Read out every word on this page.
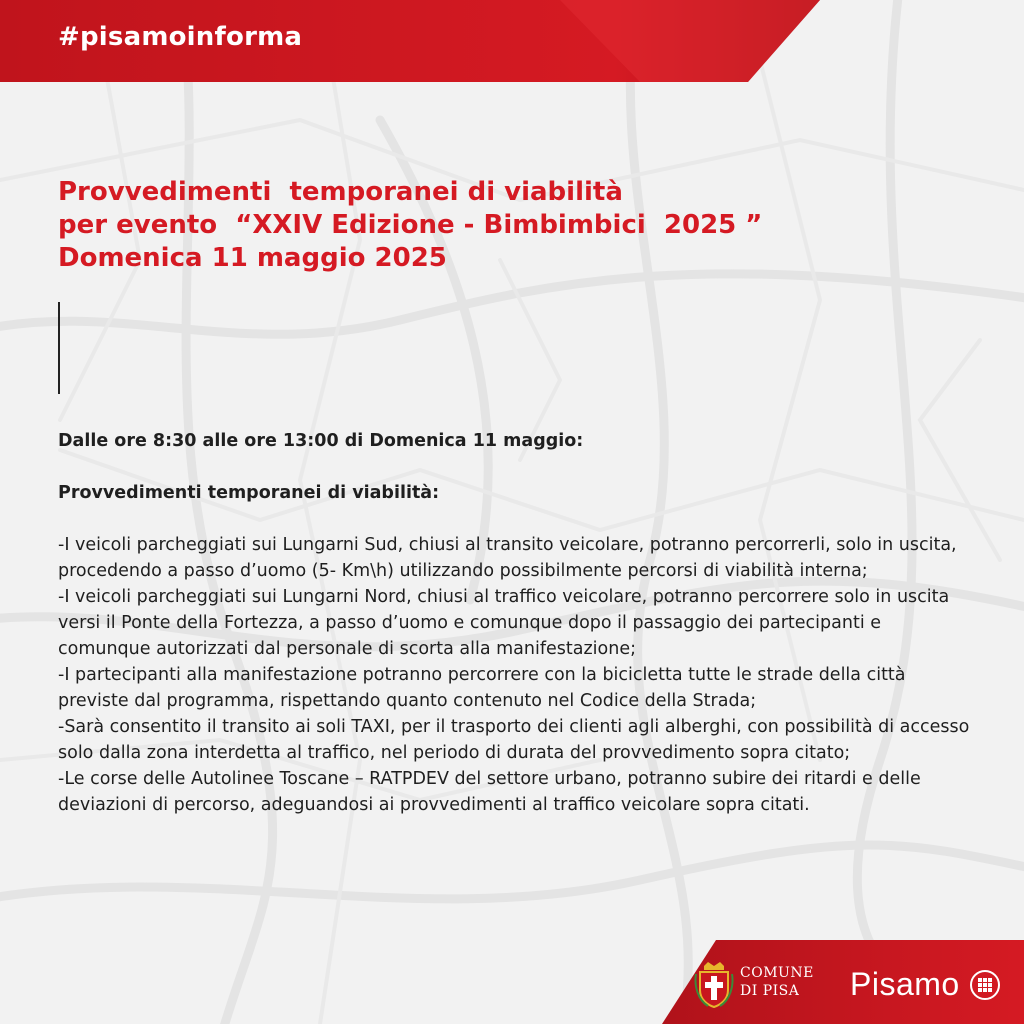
#pisamoinforma
Provvedimenti  temporanei di viabilità
per evento  “XXIV Edizione - Bimbimbici  2025 ”
Domenica 11 maggio 2025
Dalle ore 8:30 alle ore 13:00 di Domenica 11 maggio:
Provvedimenti temporanei di viabilità:
-I veicoli parcheggiati sui Lungarni Sud, chiusi al transito veicolare, potranno percorrerli, solo in uscita, procedendo a passo d’uomo (5- Km\h) utilizzando possibilmente percorsi di viabilità interna;
-I veicoli parcheggiati sui Lungarni Nord, chiusi al traffico veicolare, potranno percorrere solo in uscita versi il Ponte della Fortezza, a passo d’uomo e comunque dopo il passaggio dei partecipanti e comunque autorizzati dal personale di scorta alla manifestazione;
-I partecipanti alla manifestazione potranno percorrere con la bicicletta tutte le strade della città previste dal programma, rispettando quanto contenuto nel Codice della Strada;
-Sarà consentito il transito ai soli TAXI, per il trasporto dei clienti agli alberghi, con possibilità di accesso solo dalla zona interdetta al traffico, nel periodo di durata del provvedimento sopra citato;
-Le corse delle Autolinee Toscane – RATPDEV del settore urbano, potranno subire dei ritardi e delle deviazioni di percorso, adeguandosi ai provvedimenti al traffico veicolare sopra citati.
COMUNE
DI PISA	Pisamo
